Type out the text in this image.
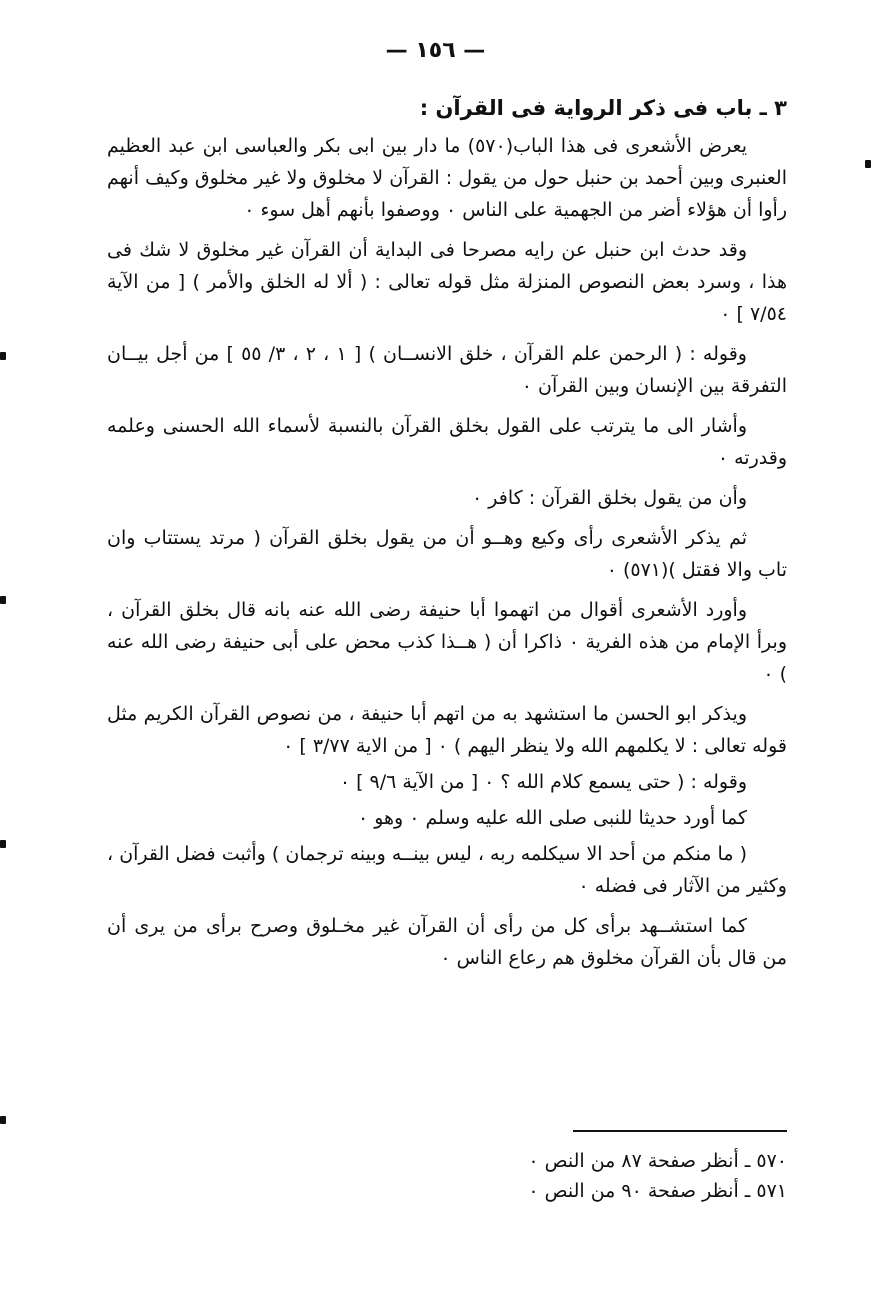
— ١٥٦ —

٣ ـ باب فى ذكر الرواية فى القرآن :

يعرض الأشعرى فى هذا الباب(٥٧٠) ما دار بين ابى بكر والعباسى ابن عبد العظيم العنبرى وبين أحمد بن حنبل حول من يقول : القرآن لا مخلوق ولا غير مخلوق وكيف أنهم رأوا أن هؤلاء أضر من الجهمية على الناس ٠ ووصفوا بأنهم أهل سوء ٠

وقد حدث ابن حنبل عن رايه مصرحا فى البداية أن القرآن غير مخلوق لا شك فى هذا ، وسرد بعض النصوص المنزلة مثل قوله تعالى : ( ألا له الخلق والأمر ) [ من الآية ٧/٥٤ ] ٠

وقوله : ( الرحمن علم القرآن ، خلق الانســان ) [ ١ ، ٢ ، ٣/ ٥٥ ] من أجل بيــان التفرقة بين الإنسان وبين القرآن ٠

وأشار الى ما يترتب على القول بخلق القرآن بالنسبة لأسماء الله الحسنى وعلمه وقدرته ٠

وأن من يقول بخلق القرآن : كافر ٠

ثم يذكر الأشعرى رأى وكيع وهــو أن من يقول بخلق القرآن ( مرتد يستتاب وان تاب والا فقتل )(٥٧١) ٠

وأورد الأشعرى أقوال من اتهموا أبا حنيفة رضى الله عنه بانه قال بخلق القرآن ، وبرأ الإمام من هذه الفرية ٠ ذاكرا أن ( هــذا كذب محض على أبى حنيفة رضى الله عنه ) ٠

ويذكر ابو الحسن ما استشهد به من اتهم أبا حنيفة ، من نصوص القرآن الكريم مثل قوله تعالى : لا يكلمهم الله ولا ينظر اليهم ) ٠ [ من الاية ٣/٧٧ ] ٠

وقوله : ( حتى يسمع كلام الله ؟ ٠ [ من الآية ٩/٦ ] ٠

كما أورد حديثا للنبى صلى الله عليه وسلم ٠ وهو ٠

( ما منكم من أحد الا سيكلمه ربه ، ليس بينــه وبينه ترجمان ) وأثبت فضل القرآن ، وكثير من الآثار فى فضله ٠

كما استشــهد برأى كل من رأى أن القرآن غير مخـلوق وصرح برأى من يرى أن من قال بأن القرآن مخلوق هم رعاع الناس ٠

٥٧٠ ـ أنظر صفحة ٨٧ من النص ٠

٥٧١ ـ أنظر صفحة ٩٠ من النص ٠
